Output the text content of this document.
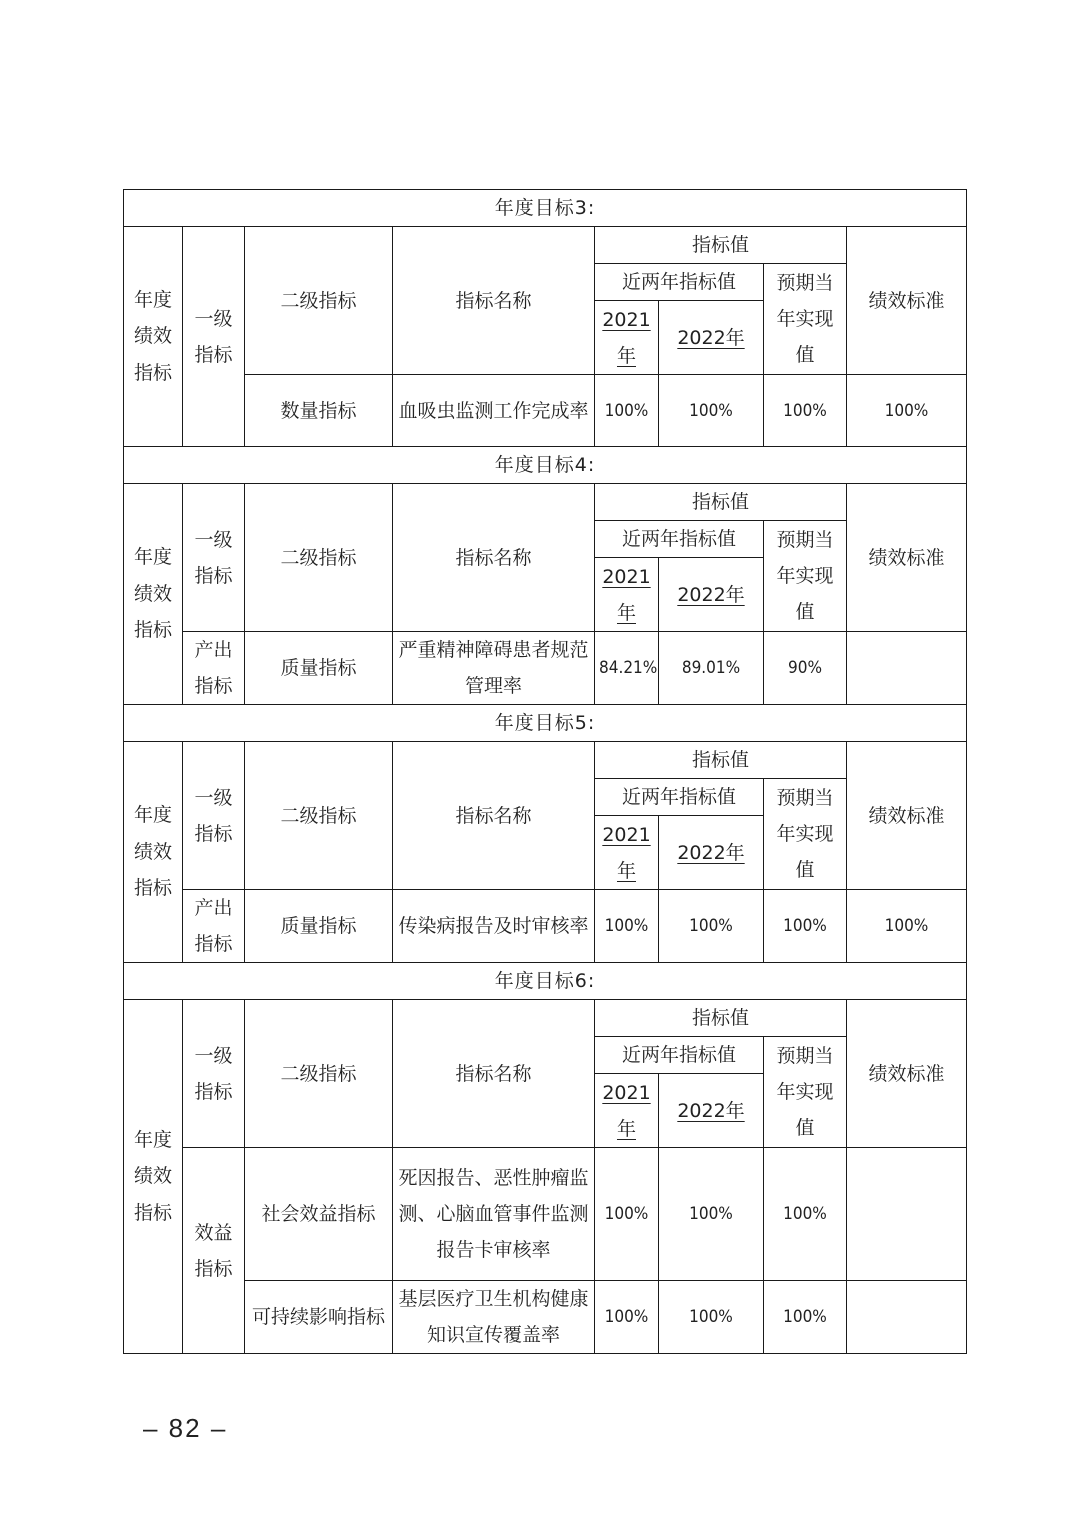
年度目标3:							
年度绩效指标	一级指标	二级指标	指标名称	指标值			绩效标准
				近两年指标值		预期当年实现值	
				2021年	2022年		

		数量指标	血吸虫监测工作完成率	100%	100%	100%	100%
年度目标4:							
年度绩效指标	一级指标	二级指标	指标名称	指标值			绩效标准
				近两年指标值		预期当年实现值	
				2021年	2022年		

	产出指标	质量指标	严重精神障碍患者规范管理率	84.21%	89.01%	90%	
年度目标5:							
年度绩效指标	一级指标	二级指标	指标名称	指标值			绩效标准
				近两年指标值		预期当年实现值	
				2021年	2022年		

	产出指标	质量指标	传染病报告及时审核率	100%	100%	100%	100%
年度目标6:							
年度绩效指标	一级指标	二级指标	指标名称	指标值			绩效标准
				近两年指标值		预期当年实现值	
				2021年	2022年		

	效益指标	社会效益指标	死因报告、恶性肿瘤监测、心脑血管事件监测报告卡审核率	100%	100%	100%	
		可持续影响指标	基层医疗卫生机构健康知识宣传覆盖率	100%	100%	100%	
– 82 –
